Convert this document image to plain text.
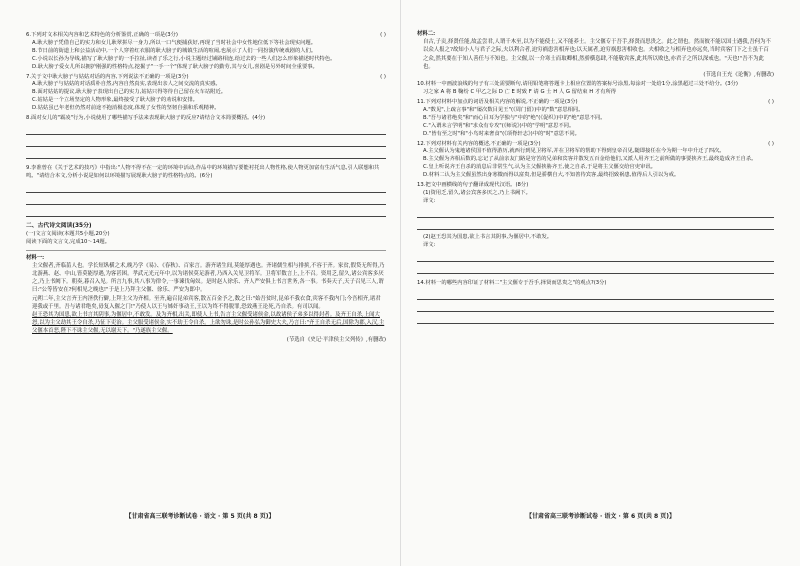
6.下列对文本相关内容和艺术特色的分析鉴赏,正确的一项是(3分)	( )
A.耿大膀子凭借自己的实力和女儿耿翠拼尽一身力,所以一口气便捕获好,再现了当时社会中女性地位低下等社会现实问题。
B.节日前的街道上和公益活动中,一个人穿着红衣服的耿大膀子的城镇生活的喧闹,也展示了人们一同扮演传统戏剧的人们。
C.小说以长孙为导线,描写了耿大膀子的一手拉扯,读者了乐之行,小说主题经过铺路相连,给过去的一些人们怎么形象描述时代特色。
D.耿大膀子爱女儿所以拥护刚强的性格特点,挖掘子"一手一个"体现了耿大膀子的勤劳,其与女儿,喜剧是另外时间全重要事。
7.关于文中耿大膀子与姑姑对话的内容,下列说法不正确的一项是(3分)	( )
A.耿大膀子与姑姑的对话质朴自然,内容自然真实,表现出亲人之间交流的真实感。
B.面对姑姑的提议,耿大膀子表现出自己的实力,姑姑只得等待自己留在火车站附近。
C.姑姑是一个立场坚定的人物形象,最终接受了耿大膀子的劝说和安排。
D.姑姑虽已年老但仍然对前途不抱消极态度,体现了女性的坚韧自强和乐观精神。
8.面对女儿的"霸凌"行为,小说使用了哪些描写手法来表现耿大膀子的反应?请结合文本简要概括。(4分)
9.李准曾在《关于艺术的技巧》中指出:"人物不得不在一定的环境中活动,作品中的环境描写要能衬托出人物性格,使人物更加富有生活气息,引人联想和共鸣。"请结合本文,分析小说是如何以环境描写展现耿大膀子的性格特点的。(6分)
二、古代诗文阅读(35分)
(一)文言文阅读(本题共5小题,20分)
阅读下面的文言文,完成10～14题。
材料一:
主父偃者,齐临菑人也。学长短纵横之术,晚乃学《易》、《春秋》、百家言。游齐诸生间,莫能厚遇也。齐诸儒生相与排摈,不容于齐。家贫,假贷无所得,乃北游燕、赵、中山,皆莫能厚遇,为客甚困。孝武元光元年中,以为诸侯莫足游者,乃西入关见卫将军。卫将军数言上,上不召。资用乏,留久,诸公宾客多厌之,乃上书阙下。朝奏,暮召入见。所言九事,其八事为律令,一事谏伐匈奴。是时赵人徐乐、齐人严安俱上书言世务,各一事。书奏天子,天子召见三人,谓曰:"公等皆安在?何相见之晚也!"于是上乃拜主父偃、徐乐、严安为郎中。
元朔二年,主父言齐王内淫佚行僻,上拜主父为齐相。至齐,遍召昆弟宾客,散五百金予之,数之曰:"始吾贫时,昆弟不我衣食,宾客不我内门;今吾相齐,诸君迎我或千里。吾与诸君绝矣,毋复入偃之门!"乃使人以王与姊奸事动王,王以为终不得脱罪,恐效燕王论死,乃自杀。有司以闻。
赵王恐其为国患,欲上书言其阴事,为偃居中,不敢发。及为齐相,出关,即使人上书,告言主父偃受诸侯金,以故诸侯子弟多以得封者。及齐王自杀,上闻大怒,以为主父劫其王令自杀,乃征下吏治。主父服受诸侯金,实不劫王令自杀。上欲勿诛,是时公孙弘为御史大夫,乃言曰:"齐王自杀无后,国除为郡,入汉,主父偃本首恶,陛下不诛主父偃,无以谢天下。"乃遂族主父偃。
(节选自《史记·平津侯主父列传》,有删改)
【甘肃省高三联考诊断试卷 · 语文 · 第 5 页(共 8 页)】
材料二:
自古,子贡,择贤任能,故孟尝君,人谓千木至,以为不能使士,又不能养士。主父偃专于吾手,择贤而思贵之。此之谓也。然而彼不能以国士遇我,吾何为不以众人报之?故知小人与君子之际,夫以利合者,迫穷祸患害相弃也;以天属者,迫穷祸患害相收也。夫相收之与相弃也亦远矣,当时宾客门下之士虽千百之众,然其要在于知人善任与不知也。主父偃,以一介寒士而取卿相,然骄横恣肆,不能敬宾客,此其所以败也,亦君子之所以深戒也。"天也!"吾不为此也。
(节选自王充《论衡》,有删改)
10.材料一中画波浪线的句子有三处需要断句,请用铅笔将答题卡上相应位置的答案标号涂黑,每涂对一处给1分,涂黑超过三处不给分。(3分)
习之家 A 将 B 鞠纷 C 甲乙之际 D 亡 E 时致 F 请 G 士 H 人 G 留结束 H 才有所得
11.下列对材料中加点的词语及相关内容的解说,不正确的一项是(3分)	( )
A."数见",上疏言事"和"屡次数目见王"(《周门留》)中的"数"意思相同。
B."吾与诸君绝矣"和"而心目耳为学独与"中的"绝"(《促织》)中的"绝"意思不同。
C."入谓未言学明"和"求众有专攻"(《师说》)中的"学明"意思不同。
D."皆有至之时"和"小鸟时来奢食"(《项脊轩志》)中的"时"意思不同。
12.下列对材料有关内容的概述,不正确的一项是(3分)	( )
A.主父偃认为鬼地诸侯国不值得游历,就西行到见卫将军,并在卫将军的帮助下得到皇帝召见,随即接任在今为期一年中升迁了四次。
B.主父偃为齐相后数的,忘记了从前亲友门路是穷苦的兄弟和宾客并散发五百金给他们,又派人用齐王之前所做的事要挟齐王,最终造成齐王自杀。
C.皇上听说齐王自杀的消息后非常生气,认为主父偃挟胁齐王,使之自杀,于是将主父偃交给官吏审讯。
D.材料二认为主父偃虽然出身寒微而得以富贵,但是骄横自大,不知善待宾客,最终招致祸患,值得后人引以为戒。
13.把文中画横线的句子翻译成现代汉语。(8分)
(1)资用乏,留久,诸公宾客多厌之,乃上书阙下。
译文:
(2)赵王恐其为国患,欲上书言其阴事,为偃居中,不敢发。
译文:
14.材料一的哪些内容印证了材料二"主父偃专于吾手,择贤而思贵之"的观点?(3分)
【甘肃省高三联考诊断试卷 · 语文 · 第 6 页(共 8 页)】
